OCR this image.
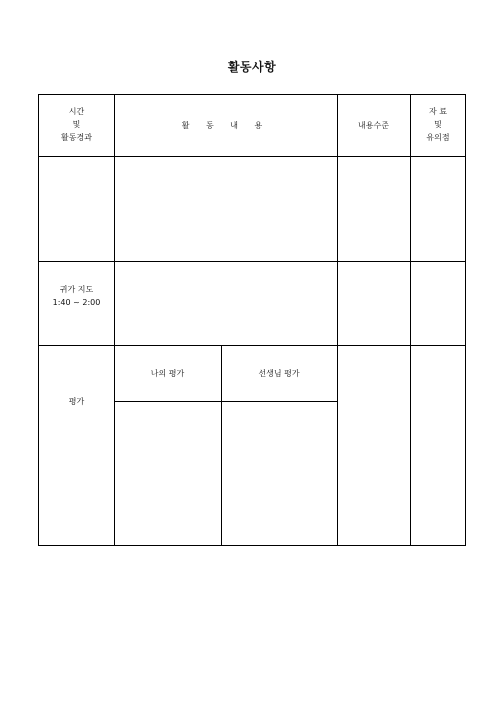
활동사항
시간
및
활동경과
활 동 내 용	내용수준
자 료
및
유의점
귀가 지도
1:40 ~ 2:00
평가
나의 평가	선생님 평가
